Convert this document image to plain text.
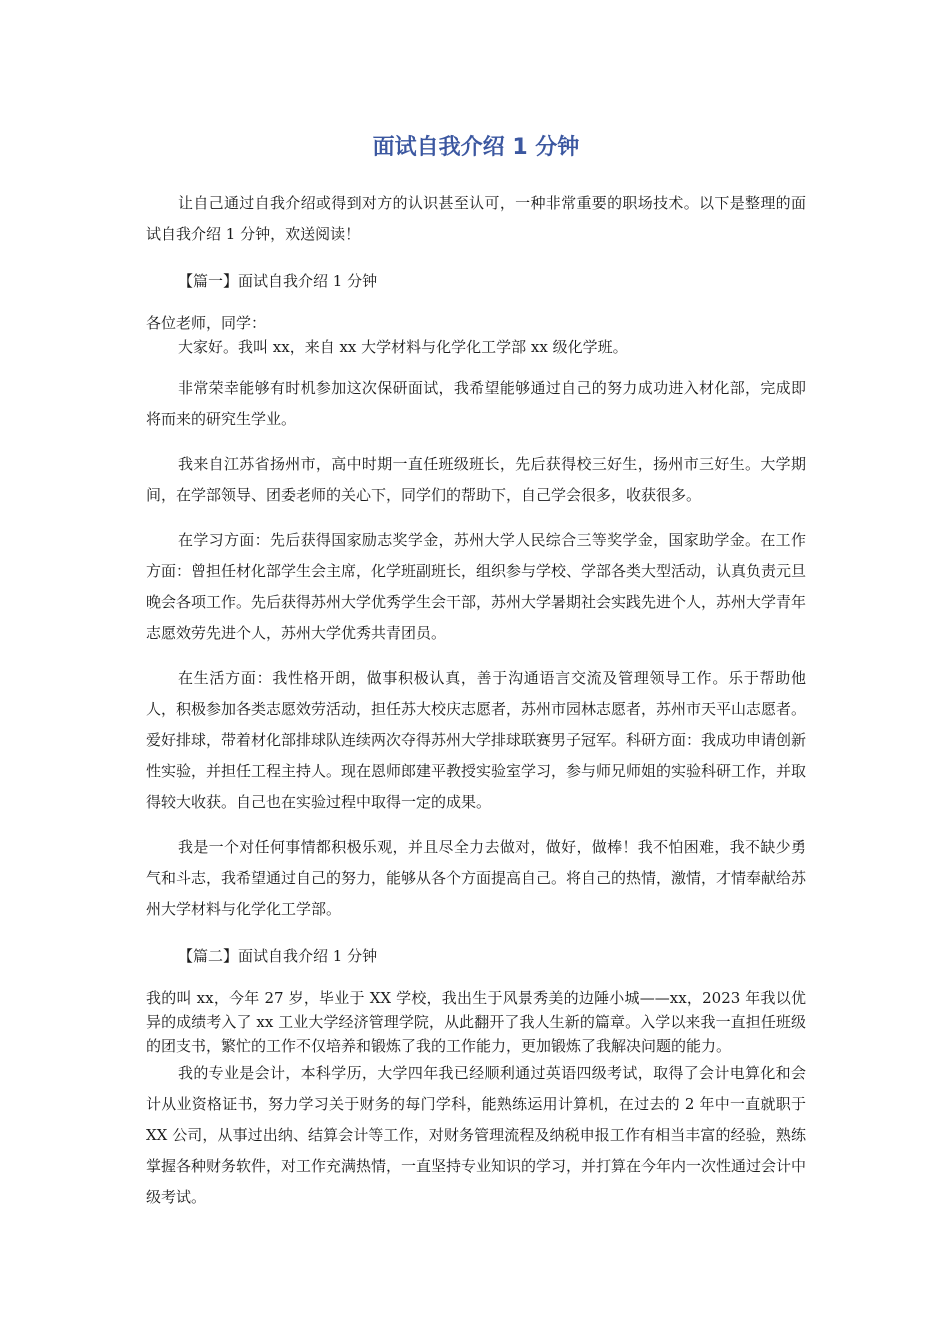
面试自我介绍 1 分钟

让自己通过自我介绍或得到对方的认识甚至认可，一种非常重要的职场技术。以下是整理的面试自我介绍 1 分钟，欢送阅读！

【篇一】面试自我介绍 1 分钟

各位老师，同学：

大家好。我叫 xx，来自 xx 大学材料与化学化工学部 xx 级化学班。

非常荣幸能够有时机参加这次保研面试，我希望能够通过自己的努力成功进入材化部，完成即将而来的研究生学业。

我来自江苏省扬州市，高中时期一直任班级班长，先后获得校三好生，扬州市三好生。大学期间，在学部领导、团委老师的关心下，同学们的帮助下，自己学会很多，收获很多。

在学习方面：先后获得国家励志奖学金，苏州大学人民综合三等奖学金，国家助学金。在工作方面：曾担任材化部学生会主席，化学班副班长，组织参与学校、学部各类大型活动，认真负责元旦晚会各项工作。先后获得苏州大学优秀学生会干部，苏州大学暑期社会实践先进个人，苏州大学青年志愿效劳先进个人，苏州大学优秀共青团员。

在生活方面：我性格开朗，做事积极认真，善于沟通语言交流及管理领导工作。乐于帮助他人，积极参加各类志愿效劳活动，担任苏大校庆志愿者，苏州市园林志愿者，苏州市天平山志愿者。爱好排球，带着材化部排球队连续两次夺得苏州大学排球联赛男子冠军。科研方面：我成功申请创新性实验，并担任工程主持人。现在恩师郎建平教授实验室学习，参与师兄师姐的实验科研工作，并取得较大收获。自己也在实验过程中取得一定的成果。

我是一个对任何事情都积极乐观，并且尽全力去做对，做好，做棒！我不怕困难，我不缺少勇气和斗志，我希望通过自己的努力，能够从各个方面提高自己。将自己的热情，激情，才情奉献给苏州大学材料与化学化工学部。

【篇二】面试自我介绍 1 分钟

我的叫 xx，今年 27 岁，毕业于 XX 学校，我出生于风景秀美的边陲小城——xx，2023 年我以优异的成绩考入了 xx 工业大学经济管理学院，从此翻开了我人生新的篇章。入学以来我一直担任班级的团支书，繁忙的工作不仅培养和锻炼了我的工作能力，更加锻炼了我解决问题的能力。

我的专业是会计，本科学历，大学四年我已经顺利通过英语四级考试，取得了会计电算化和会计从业资格证书，努力学习关于财务的每门学科，能熟练运用计算机，在过去的 2 年中一直就职于 XX 公司，从事过出纳、结算会计等工作，对财务管理流程及纳税申报工作有相当丰富的经验，熟练掌握各种财务软件，对工作充满热情，一直坚持专业知识的学习，并打算在今年内一次性通过会计中级考试。
